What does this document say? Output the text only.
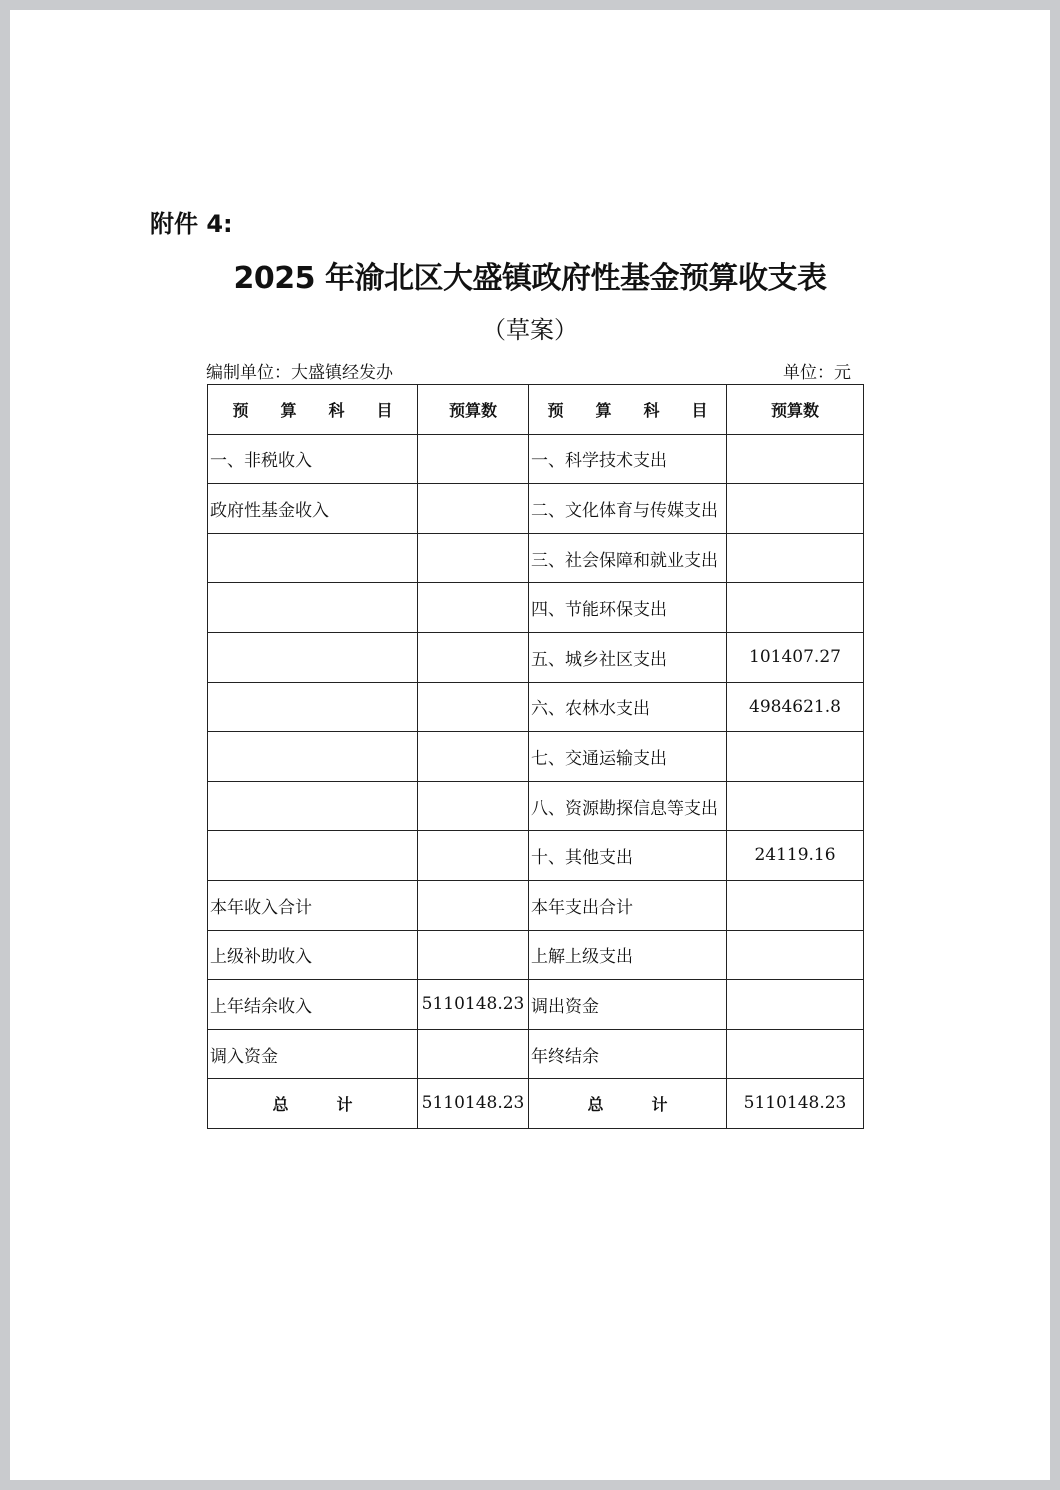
附件 4:
2025 年渝北区大盛镇政府性基金预算收支表
（草案）
编制单位：大盛镇经发办	单位：元
预　　算　　科　　目	预算数	预　　算　　科　　目	预算数
一、非税收入		一、科学技术支出	
政府性基金收入		二、文化体育与传媒支出	
		三、社会保障和就业支出	
		四、节能环保支出	
		五、城乡社区支出	101407.27
		六、农林水支出	4984621.8
		七、交通运输支出	
		八、资源勘探信息等支出	
		十、其他支出	24119.16
本年收入合计		本年支出合计	
上级补助收入		上解上级支出	
上年结余收入	5110148.23	调出资金	
调入资金		年终结余	
总　　　计	5110148.23	总　　　计	5110148.23
